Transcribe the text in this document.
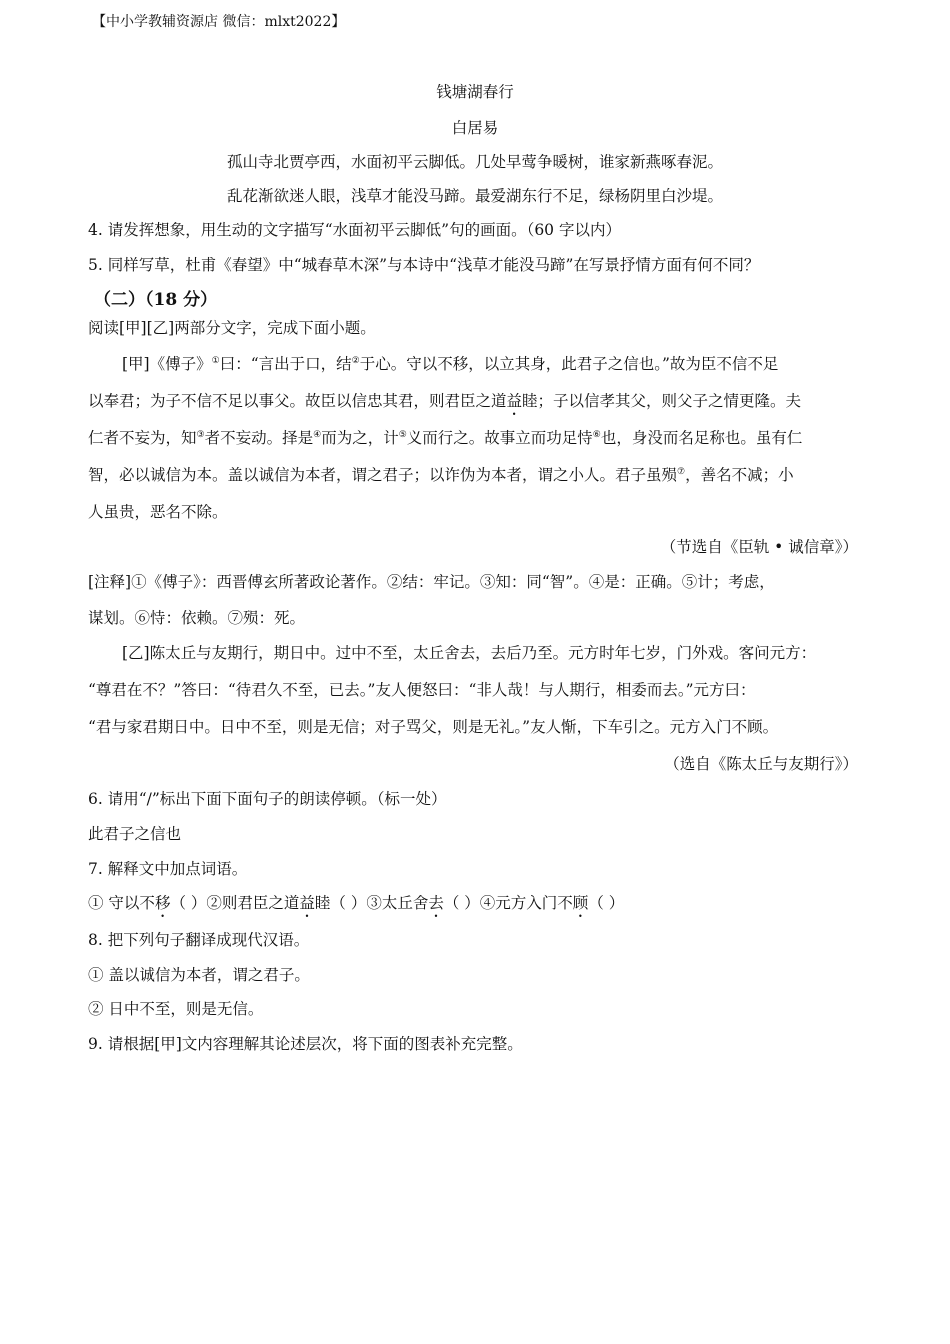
【中小学教辅资源店 微信：mlxt2022】
钱塘湖春行
白居易
孤山寺北贾亭西，水面初平云脚低。几处早莺争暖树，谁家新燕啄春泥。
乱花渐欲迷人眼，浅草才能没马蹄。最爱湖东行不足，绿杨阴里白沙堤。
4. 请发挥想象，用生动的文字描写“水面初平云脚低”句的画面。（60 字以内）
5. 同样写草，杜甫《春望》中“城春草木深”与本诗中“浅草才能没马蹄”在写景抒情方面有何不同？
（二）（18 分）
阅读[甲][乙]两部分文字，完成下面小题。
[甲]《傅子》①曰：“言出于口，结②于心。守以不移，以立其身，此君子之信也。”故为臣不信不足
以奉君；为子不信不足以事父。故臣以信忠其君，则君臣之道益睦；子以信孝其父，则父子之情更隆。夫
仁者不妄为，知③者不妄动。择是④而为之，计⑤义而行之。故事立而功足恃⑥也，身没而名足称也。虽有仁
智，必以诚信为本。盖以诚信为本者，谓之君子；以诈伪为本者，谓之小人。君子虽殒⑦，善名不减；小
人虽贵，恶名不除。
（节选自《臣轨 • 诚信章》）
[注释]①《傅子》：西晋傅玄所著政论著作。②结：牢记。③知：同“智”。④是：正确。⑤计；考虑，
谋划。⑥恃：依赖。⑦殒：死。
[乙]陈太丘与友期行，期日中。过中不至，太丘舍去，去后乃至。元方时年七岁，门外戏。客问元方：
“尊君在不？”答曰：“待君久不至，已去。”友人便怒曰：“非人哉！与人期行，相委而去。”元方曰：
“君与家君期日中。日中不至，则是无信；对子骂父，则是无礼。”友人惭，下车引之。元方入门不顾。
（选自《陈太丘与友期行》）
6. 请用“/”标出下面下面句子的朗读停顿。（标一处）
此君子之信也
7. 解释文中加点词语。
① 守以不移（ ）②则君臣之道益睦（ ）③太丘舍去（ ）④元方入门不顾（ ）
8. 把下列句子翻译成现代汉语。
① 盖以诚信为本者，谓之君子。
② 日中不至，则是无信。
9. 请根据[甲]文内容理解其论述层次，将下面的图表补充完整。
